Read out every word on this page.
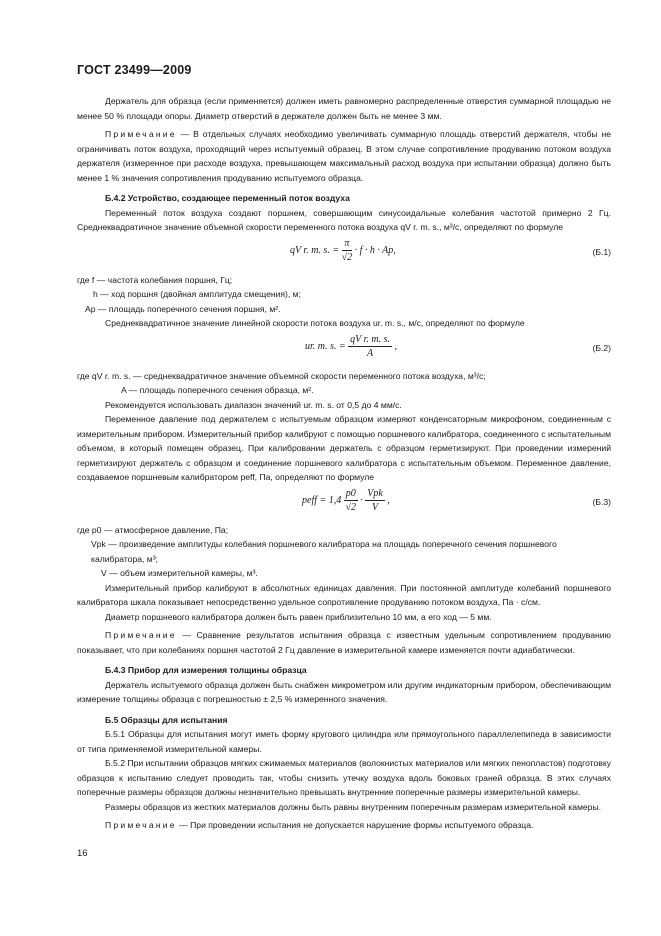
ГОСТ 23499—2009

Держатель для образца (если применяется) должен иметь равномерно распределенные отверстия суммарной площадью не менее 50 % площади опоры. Диаметр отверстий в держателе должен быть не менее 3 мм.

Примечание — В отдельных случаях необходимо увеличивать суммарную площадь отверстий держателя, чтобы не ограничивать поток воздуха, проходящий через испытуемый образец. В этом случае сопротивление продуванию потоком воздуха держателя (измеренное при расходе воздуха, превышающем максимальный расход воздуха при испытании образца) должно быть менее 1 % значения сопротивления продуванию испытуемого образца.

Б.4.2 Устройство, создающее переменный поток воздуха

Переменный поток воздуха создают поршнем, совершающим синусоидальные колебания частотой примерно 2 Гц. Среднеквадратичное значение объемной скорости переменного потока воздуха qV r. m. s., м³/с, определяют по формуле

qV r. m. s. = $\frac{\pi}{√2} \cdot f \cdot h \cdot Ap$,	(Б.1)

где f — частота колебания поршня, Гц;

h — ход поршня (двойная амплитуда смещения), м;

Ap — площадь поперечного сечения поршня, м².

Среднеквадратичное значение линейной скорости потока воздуха ur. m. s., м/с, определяют по формуле

ur. m. s. = $\frac{\text{qV r. m. s.}}{A}$ ,	(Б.2)

где qV r. m. s. — среднеквадратичное значение объемной скорости переменного потока воздуха, м³/с;

A — площадь поперечного сечения образца, м².

Рекомендуется использовать диапазон значений ur. m. s. от 0,5 до 4 мм/с.

Переменное давление под держателем с испытуемым образцом измеряют конденсаторным микрофоном, соединенным с измерительным прибором. Измерительный прибор калибруют с помощью поршневого калибратора, соединенного с испытательным объемом, в который помещен образец. При калибровании держатель с образцом герметизируют. При проведении измерений герметизируют держатель с образцом и соединение поршневого калибратора с испытательным объемом. Переменное давление, создаваемое поршневым калибратором peff, Па, определяют по формуле

peff = $1,4 \frac{p0}{√2} \cdot \frac{\text{Vpk}}{V}$ ,	(Б.3)

где p0 — атмосферное давление, Па;

Vpk — произведение амплитуды колебания поршневого калибратора на площадь поперечного сечения поршневого калибратора, м³;

V — объем измерительной камеры, м³.

Измерительный прибор калибруют в абсолютных единицах давления. При постоянной амплитуде колебаний поршневого калибратора шкала показывает непосредственно удельное сопротивление продуванию потоком воздуха, Па · с/см.

Диаметр поршневого калибратора должен быть равен приблизительно 10 мм, а его ход — 5 мм.

Примечание — Сравнение результатов испытания образца с известным удельным сопротивлением продуванию показывает, что при колебаниях поршня частотой 2 Гц давление в измерительной камере изменяется почти адиабатически.

Б.4.3 Прибор для измерения толщины образца

Держатель испытуемого образца должен быть снабжен микрометром или другим индикаторным прибором, обеспечивающим измерение толщины образца с погрешностью ± 2,5 % измеренного значения.

Б.5 Образцы для испытания

Б.5.1 Образцы для испытания могут иметь форму кругового цилиндра или прямоугольного параллелепипеда в зависимости от типа применяемой измерительной камеры.

Б.5.2 При испытании образцов мягких сжимаемых материалов (волокнистых материалов или мягких пенопластов) подготовку образцов к испытанию следует проводить так, чтобы снизить утечку воздуха вдоль боковых граней образца. В этих случаях поперечные размеры образцов должны незначительно превышать внутренние поперечные размеры измерительной камеры.

Размеры образцов из жестких материалов должны быть равны внутренним поперечным размерам измерительной камеры.

Примечание — При проведении испытания не допускается нарушение формы испытуемого образца.

16
